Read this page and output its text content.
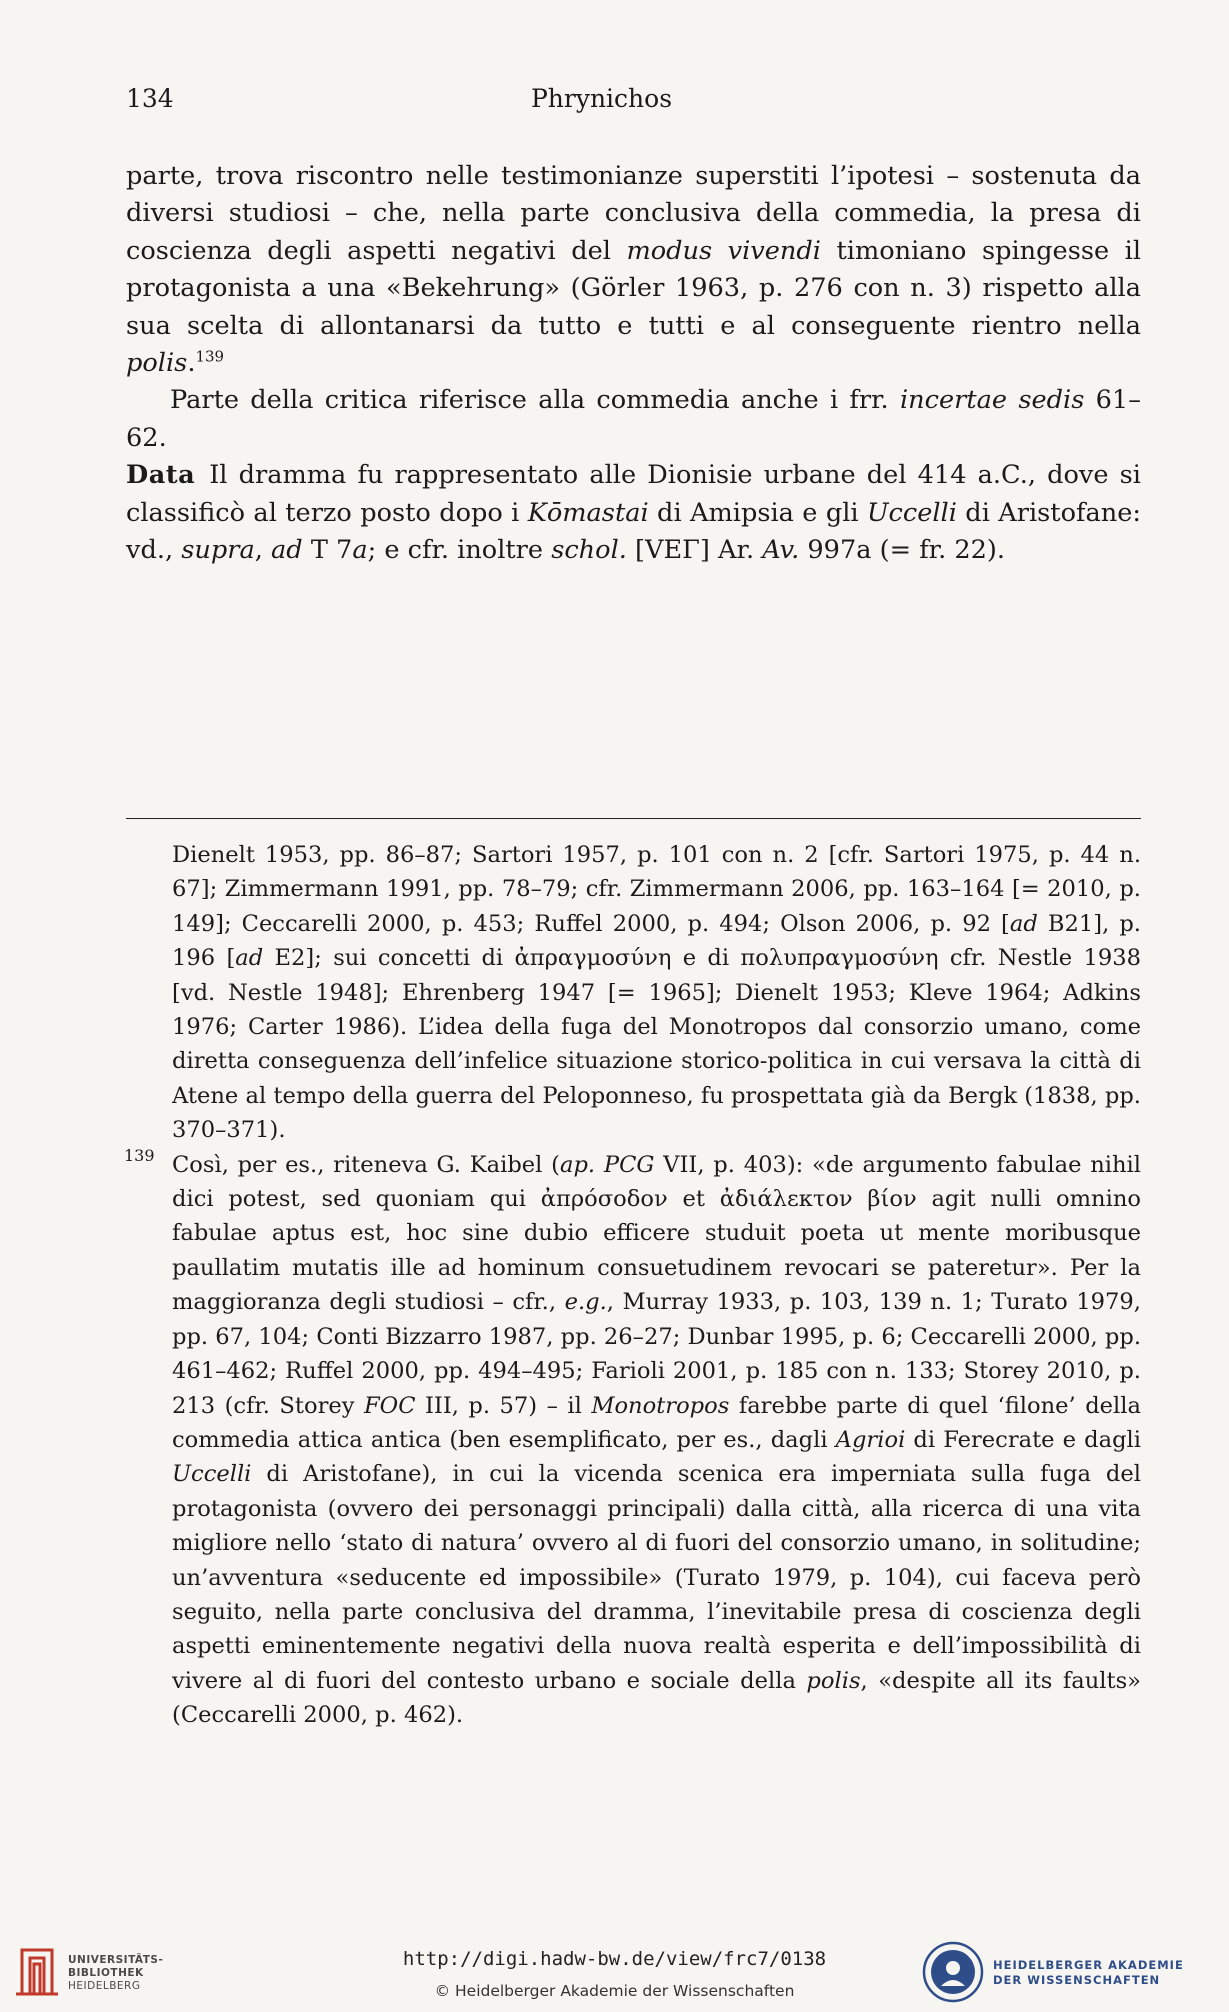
134	Phrynichos

parte, trova riscontro nelle testimonianze superstiti l’ipotesi – sostenuta da diversi studiosi – che, nella parte conclusiva della commedia, la presa di coscienza degli aspetti negativi del modus vivendi timoniano spingesse il protagonista a una «Bekehrung» (Görler 1963, p. 276 con n. 3) rispetto alla sua scelta di allontanarsi da tutto e tutti e al conseguente rientro nella polis.$^{139}$

Parte della critica riferisce alla commedia anche i frr. incertae sedis 61–62.

Data Il dramma fu rappresentato alle Dionisie urbane del 414 a.C., dove si classificò al terzo posto dopo i Kōmastai di Amipsia e gli Uccelli di Aristofane: vd., supra, ad T 7a; e cfr. inoltre schol. [VEΓ] Ar. Av. 997a (= fr. 22).

Dienelt 1953, pp. 86–87; Sartori 1957, p. 101 con n. 2 [cfr. Sartori 1975, p. 44 n. 67]; Zimmermann 1991, pp. 78–79; cfr. Zimmermann 2006, pp. 163–164 [= 2010, p. 149]; Ceccarelli 2000, p. 453; Ruffel 2000, p. 494; Olson 2006, p. 92 [ad B21], p. 196 [ad E2]; sui concetti di ἀπραγμοσύνη e di πολυπραγμοσύνη cfr. Nestle 1938 [vd. Nestle 1948]; Ehrenberg 1947 [= 1965]; Dienelt 1953; Kleve 1964; Adkins 1976; Carter 1986). L’idea della fuga del Monotropos dal consorzio umano, come diretta conseguenza dell’infelice situazione storico-politica in cui versava la città di Atene al tempo della guerra del Peloponneso, fu prospettata già da Bergk (1838, pp. 370–371).
139 Così, per es., riteneva G. Kaibel (ap. PCG VII, p. 403): «de argumento fabulae nihil dici potest, sed quoniam qui ἀπρόσοδον et ἀδιάλεκτον βίον agit nulli omnino fabulae aptus est, hoc sine dubio efficere studuit poeta ut mente moribusque paullatim mutatis ille ad hominum consuetudinem revocari se pateretur». Per la maggioranza degli studiosi – cfr., e.g., Murray 1933, p. 103, 139 n. 1; Turato 1979, pp. 67, 104; Conti Bizzarro 1987, pp. 26–27; Dunbar 1995, p. 6; Ceccarelli 2000, pp. 461–462; Ruffel 2000, pp. 494–495; Farioli 2001, p. 185 con n. 133; Storey 2010, p. 213 (cfr. Storey FOC III, p. 57) – il Monotropos farebbe parte di quel ‘filone’ della commedia attica antica (ben esemplificato, per es., dagli Agrioi di Ferecrate e dagli Uccelli di Aristofane), in cui la vicenda scenica era imperniata sulla fuga del protagonista (ovvero dei personaggi principali) dalla città, alla ricerca di una vita migliore nello ‘stato di natura’ ovvero al di fuori del consorzio umano, in solitudine; un’avventura «seducente ed impossibile» (Turato 1979, p. 104), cui faceva però seguito, nella parte conclusiva del dramma, l’inevitabile presa di coscienza degli aspetti eminentemente negativi della nuova realtà esperita e dell’impossibilità di vivere al di fuori del contesto urbano e sociale della polis, «despite all its faults» (Ceccarelli 2000, p. 462).
UNIVERSITÄTS-
BIBLIOTHEK
HEIDELBERG
http://digi.hadw-bw.de/view/frc7/0138
© Heidelberger Akademie der Wissenschaften
HEIDELBERGER AKADEMIE
DER WISSENSCHAFTEN
